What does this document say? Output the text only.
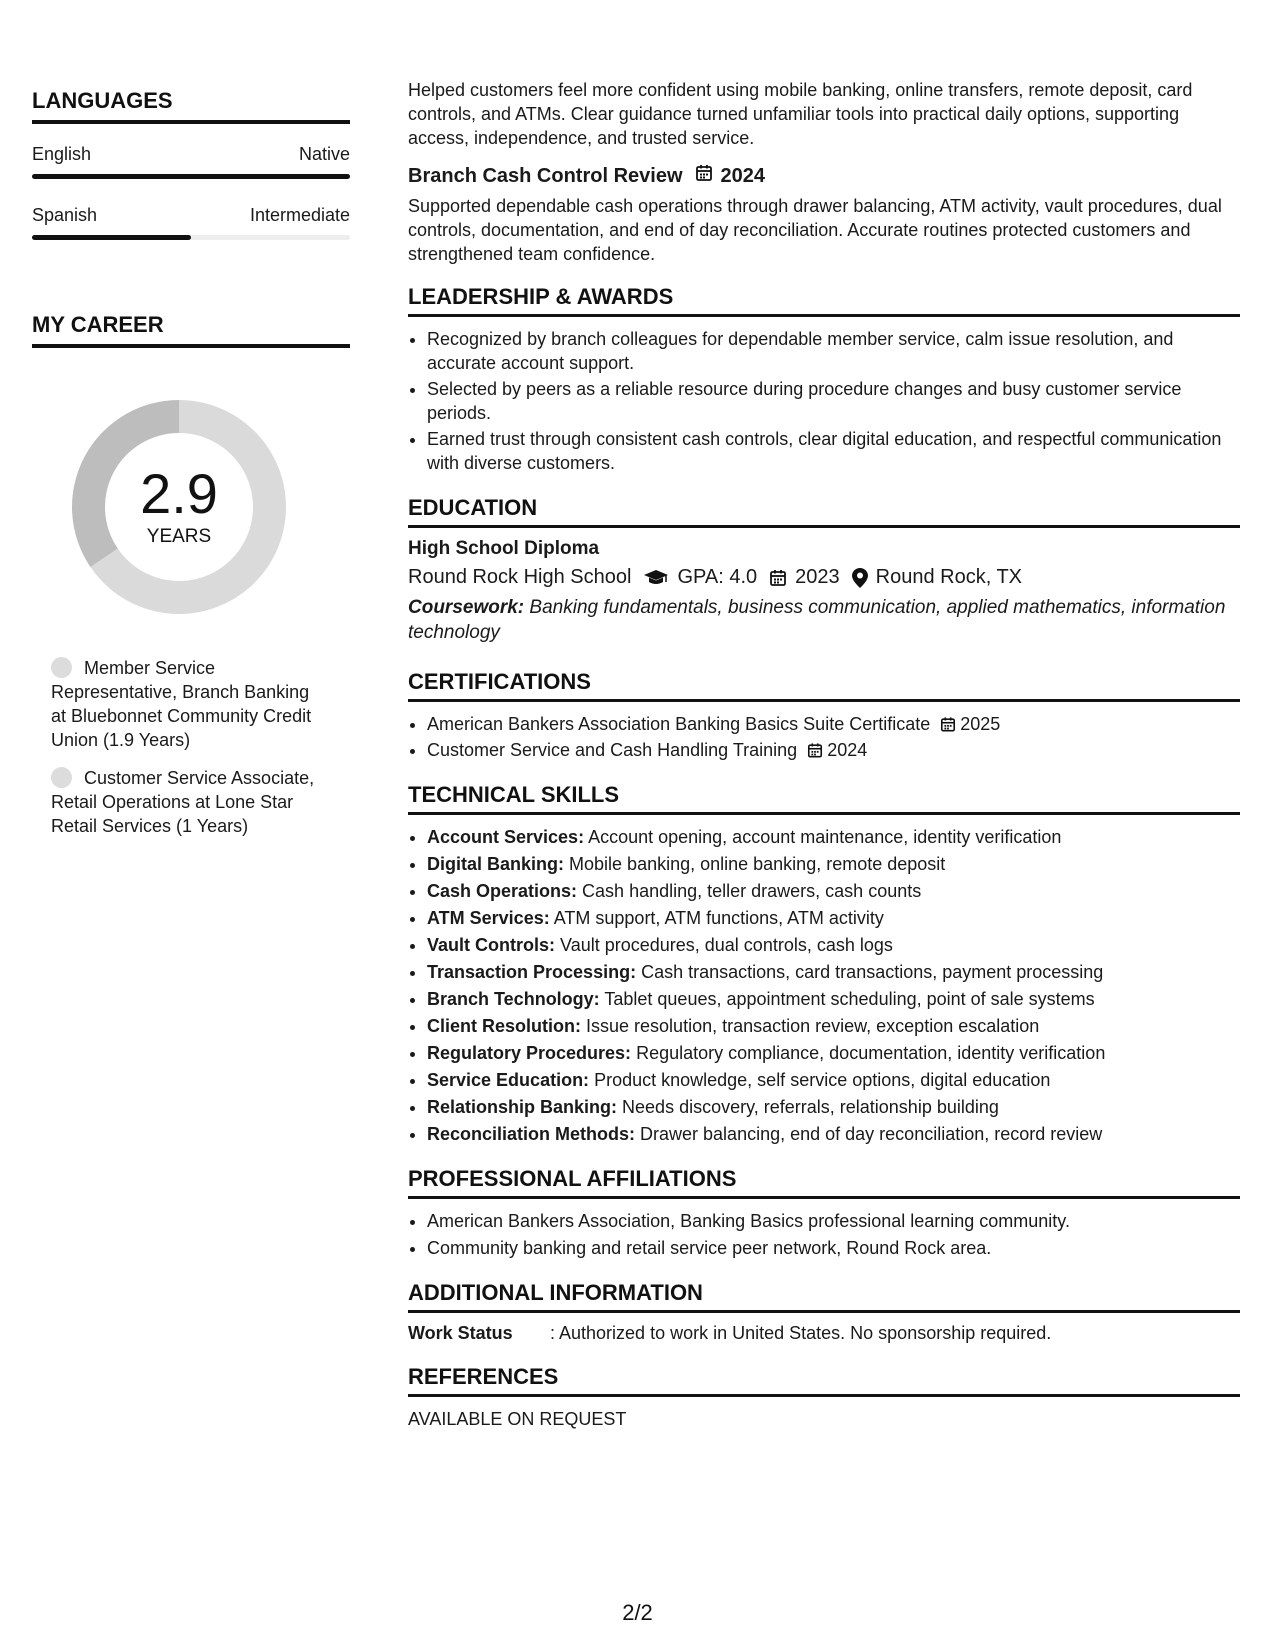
LANGUAGES
English	Native
Spanish	Intermediate
MY CAREER
2.9
YEARS
Member Service Representative, Branch Banking at Bluebonnet Community Credit Union (1.9 Years)
Customer Service Associate, Retail Operations at Lone Star Retail Services (1 Years)

Helped customers feel more confident using mobile banking, online transfers, remote deposit, card controls, and ATMs. Clear guidance turned unfamiliar tools into practical daily options, supporting access, independence, and trusted service.

Branch Cash Control Review 2024

Supported dependable cash operations through drawer balancing, ATM activity, vault procedures, dual controls, documentation, and end of day reconciliation. Accurate routines protected customers and strengthened team confidence.

LEADERSHIP & AWARDS
• Recognized by branch colleagues for dependable member service, calm issue resolution, and accurate account support.
• Selected by peers as a reliable resource during procedure changes and busy customer service periods.
• Earned trust through consistent cash controls, clear digital education, and respectful communication with diverse customers.
EDUCATION
High School Diploma
Round Rock High School GPA: 4.0 2023 Round Rock, TX

Coursework: Banking fundamentals, business communication, applied mathematics, information technology

CERTIFICATIONS
• American Bankers Association Banking Basics Suite Certificate 2025
• Customer Service and Cash Handling Training 2024
TECHNICAL SKILLS
• Account Services: Account opening, account maintenance, identity verification
• Digital Banking: Mobile banking, online banking, remote deposit
• Cash Operations: Cash handling, teller drawers, cash counts
• ATM Services: ATM support, ATM functions, ATM activity
• Vault Controls: Vault procedures, dual controls, cash logs
• Transaction Processing: Cash transactions, card transactions, payment processing
• Branch Technology: Tablet queues, appointment scheduling, point of sale systems
• Client Resolution: Issue resolution, transaction review, exception escalation
• Regulatory Procedures: Regulatory compliance, documentation, identity verification
• Service Education: Product knowledge, self service options, digital education
• Relationship Banking: Needs discovery, referrals, relationship building
• Reconciliation Methods: Drawer balancing, end of day reconciliation, record review
PROFESSIONAL AFFILIATIONS
• American Bankers Association, Banking Basics professional learning community.
• Community banking and retail service peer network, Round Rock area.
ADDITIONAL INFORMATION
Work Status	: Authorized to work in United States. No sponsorship required.
REFERENCES
AVAILABLE ON REQUEST
2/2
